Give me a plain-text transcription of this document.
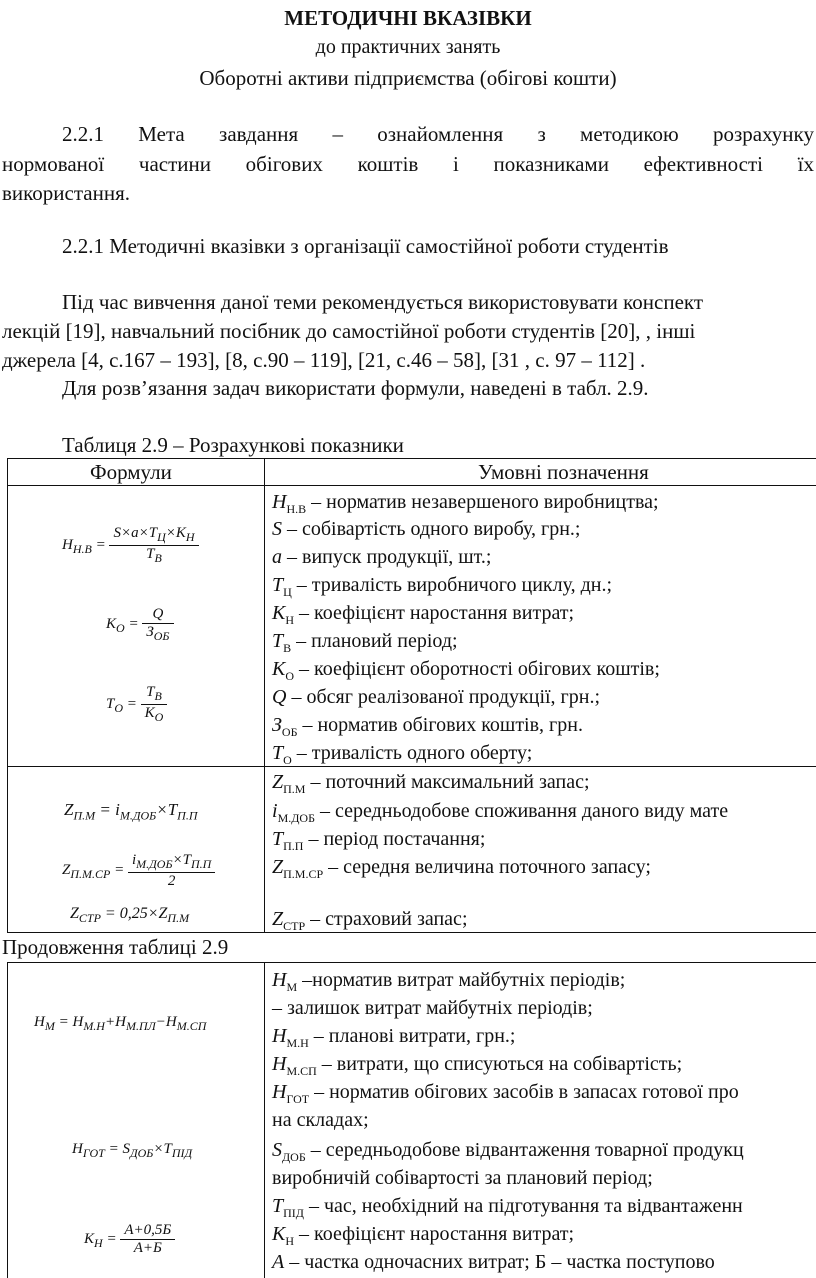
МЕТОДИЧНІ ВКАЗІВКИ
до практичних занять
Оборотні активи підприємства (обігові кошти)
2.2.1 Мета завдання – ознайомлення з методикою розрахунку
нормованої частини обігових коштів і показниками ефективності їх
використання.
2.2.1 Методичні вказівки з організації самостійної роботи студентів
Під час вивчення даної теми рекомендується використовувати конспект
лекцій [19], навчальний посібник до самостійної роботи студентів [20], , інші
джерела [4, с.167 – 193], [8, с.90 – 119], [21, с.46 – 58], [31 , с. 97 – 112] .
Для розв’язання задач використати формули, наведені в табл. 2.9.
Таблиця 2.9 – Розрахункові показники
Формули	Умовні позначення
$H_{Н.В} = \frac{S\times a\times T_Ц\times K_Н}{T_В}$
$K_О = \frac{Q}{З_{ОБ}}$
$T_О = \frac{T_В}{K_О}$
$Z_{П.М} = i_{М.ДОБ}\times T_{П.П}$
$Z_{П.М.СР} = \frac{i_{М.ДОБ}\times T_{П.П}}{2}$
$Z_{СТР} = 0,25\times Z_{П.М}$
Продовження таблиці 2.9
$H_М = H_{М.Н}+H_{М.ПЛ}-H_{М.СП}$
$H_{ГОТ} = S_{ДОБ}\times T_{ПІД}$
$K_Н = \frac{A+0,5Б}{A+Б}$
$H_{Н.В}$ – норматив незавершеного виробництва;
S – собівартість одного виробу, грн.;
a – випуск продукції, шт.;
$T_Ц$ – тривалість виробничого циклу, дн.;
$K_Н$ – коефіцієнт наростання витрат;
$T_В$ – плановий період;
$K_О$ – коефіцієнт оборотності обігових коштів;
Q – обсяг реалізованої продукції, грн.;
$З_{ОБ}$ – норматив обігових коштів, грн.
$T_О$ – тривалість одного оберту;
$Z_{П.М}$ – поточний максимальний запас;
$i_{М.ДОБ}$ – середньодобове споживання даного виду мате
$T_{П.П}$ – період постачання;
$Z_{П.М.СР}$ – середня величина поточного запасу;
$Z_{СТР}$ – страховий запас;
$H_М$ –норматив витрат майбутніх періодів;
– залишок витрат майбутніх періодів;
$H_{М.Н}$ – планові витрати, грн.;
$H_{М.СП}$ – витрати, що списуються на собівартість;
$H_{ГОТ}$ – норматив обігових засобів в запасах готової про
на складах;
$S_{ДОБ}$ – середньодобове відвантаження товарної продукц
виробничій собівартості за плановий період;
$T_{ПІД}$ – час, необхідний на підготування та відвантаженн
$K_Н$ – коефіцієнт наростання витрат;
A – частка одночасних витрат; Б – частка поступово
